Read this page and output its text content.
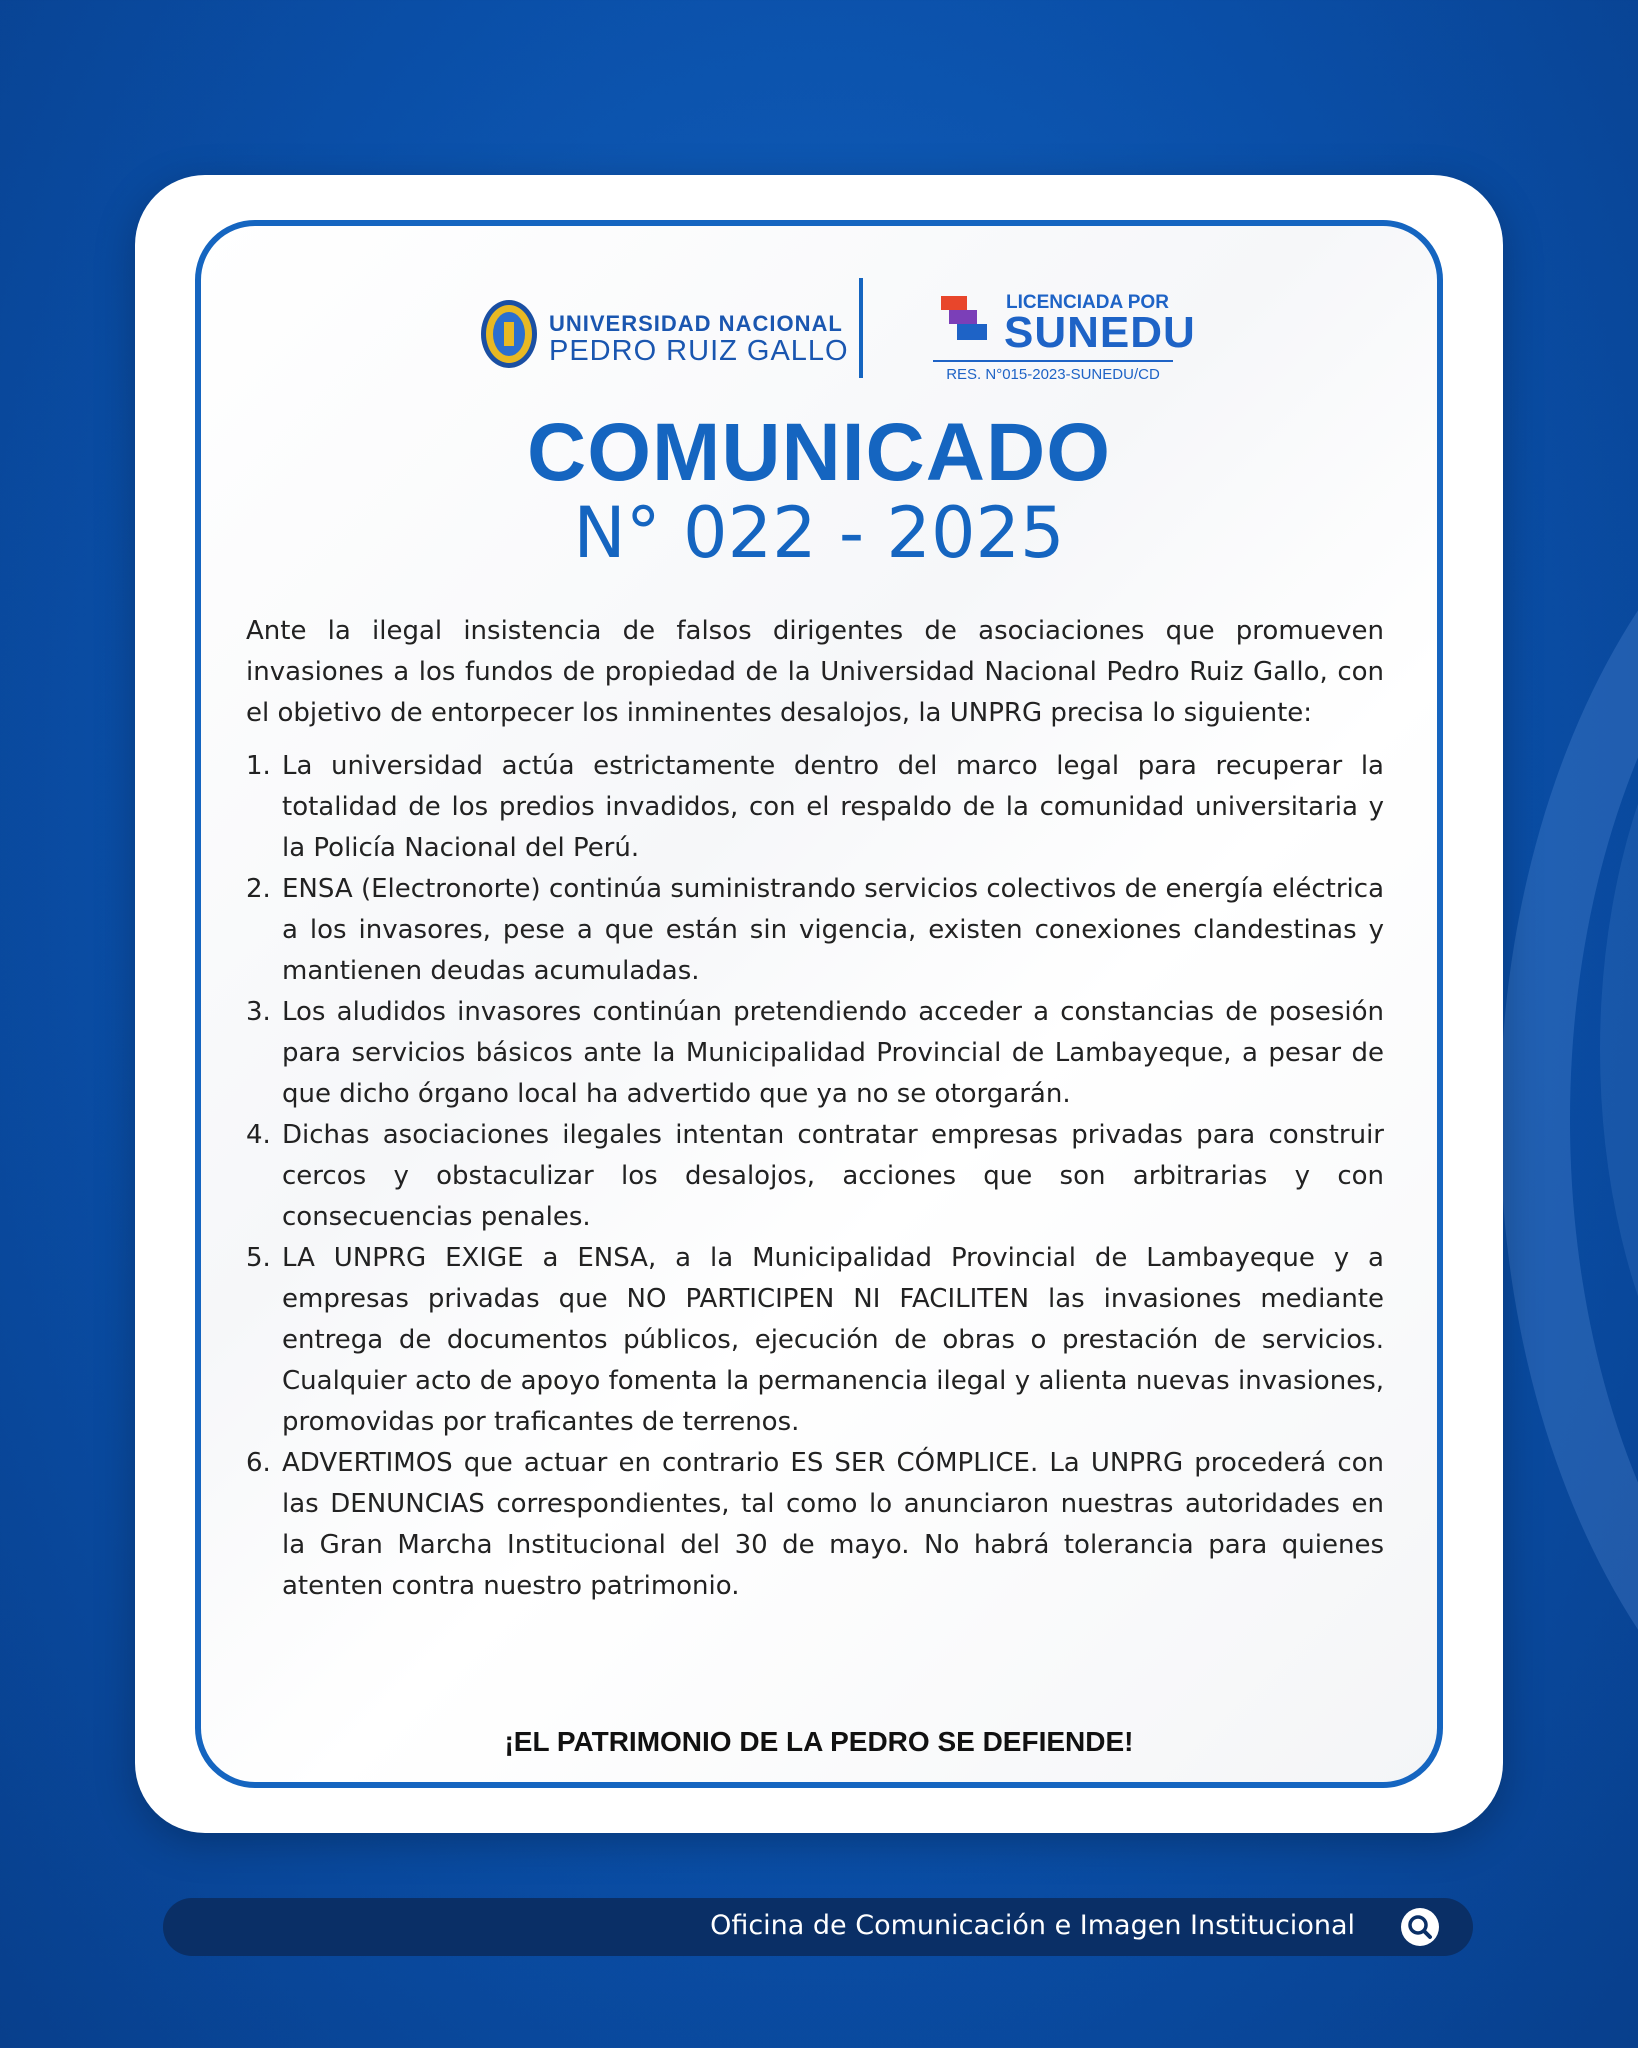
UNIVERSIDAD NACIONAL
PEDRO RUIZ GALLO
LICENCIADA POR
SUNEDU
RES. N°015-2023-SUNEDU/CD
COMUNICADO
N° 022 - 2025

Ante la ilegal insistencia de falsos dirigentes de asociaciones que promueven invasiones a los fundos de propiedad de la Universidad Nacional Pedro Ruiz Gallo, con el objetivo de entorpecer los inminentes desalojos, la UNPRG precisa lo siguiente:

1. La universidad actúa estrictamente dentro del marco legal para recuperar la totalidad de los predios invadidos, con el respaldo de la comunidad universitaria y la Policía Nacional del Perú.
2. ENSA (Electronorte) continúa suministrando servicios colectivos de energía eléctrica a los invasores, pese a que están sin vigencia, existen conexiones clandestinas y mantienen deudas acumuladas.
3. Los aludidos invasores continúan pretendiendo acceder a constancias de posesión para servicios básicos ante la Municipalidad Provincial de Lambayeque, a pesar de que dicho órgano local ha advertido que ya no se otorgarán.
4. Dichas asociaciones ilegales intentan contratar empresas privadas para construir cercos y obstaculizar los desalojos, acciones que son arbitrarias y con consecuencias penales.
5. LA UNPRG EXIGE a ENSA, a la Municipalidad Provincial de Lambayeque y a empresas privadas que NO PARTICIPEN NI FACILITEN las invasiones mediante entrega de documentos públicos, ejecución de obras o prestación de servicios. Cualquier acto de apoyo fomenta la permanencia ilegal y alienta nuevas invasiones, promovidas por traficantes de terrenos.
6. ADVERTIMOS que actuar en contrario ES SER CÓMPLICE. La UNPRG procederá con las DENUNCIAS correspondientes, tal como lo anunciaron nuestras autoridades en la Gran Marcha Institucional del 30 de mayo. No habrá tolerancia para quienes atenten contra nuestro patrimonio.
¡EL PATRIMONIO DE LA PEDRO SE DEFIENDE!
Oficina de Comunicación e Imagen Institucional
